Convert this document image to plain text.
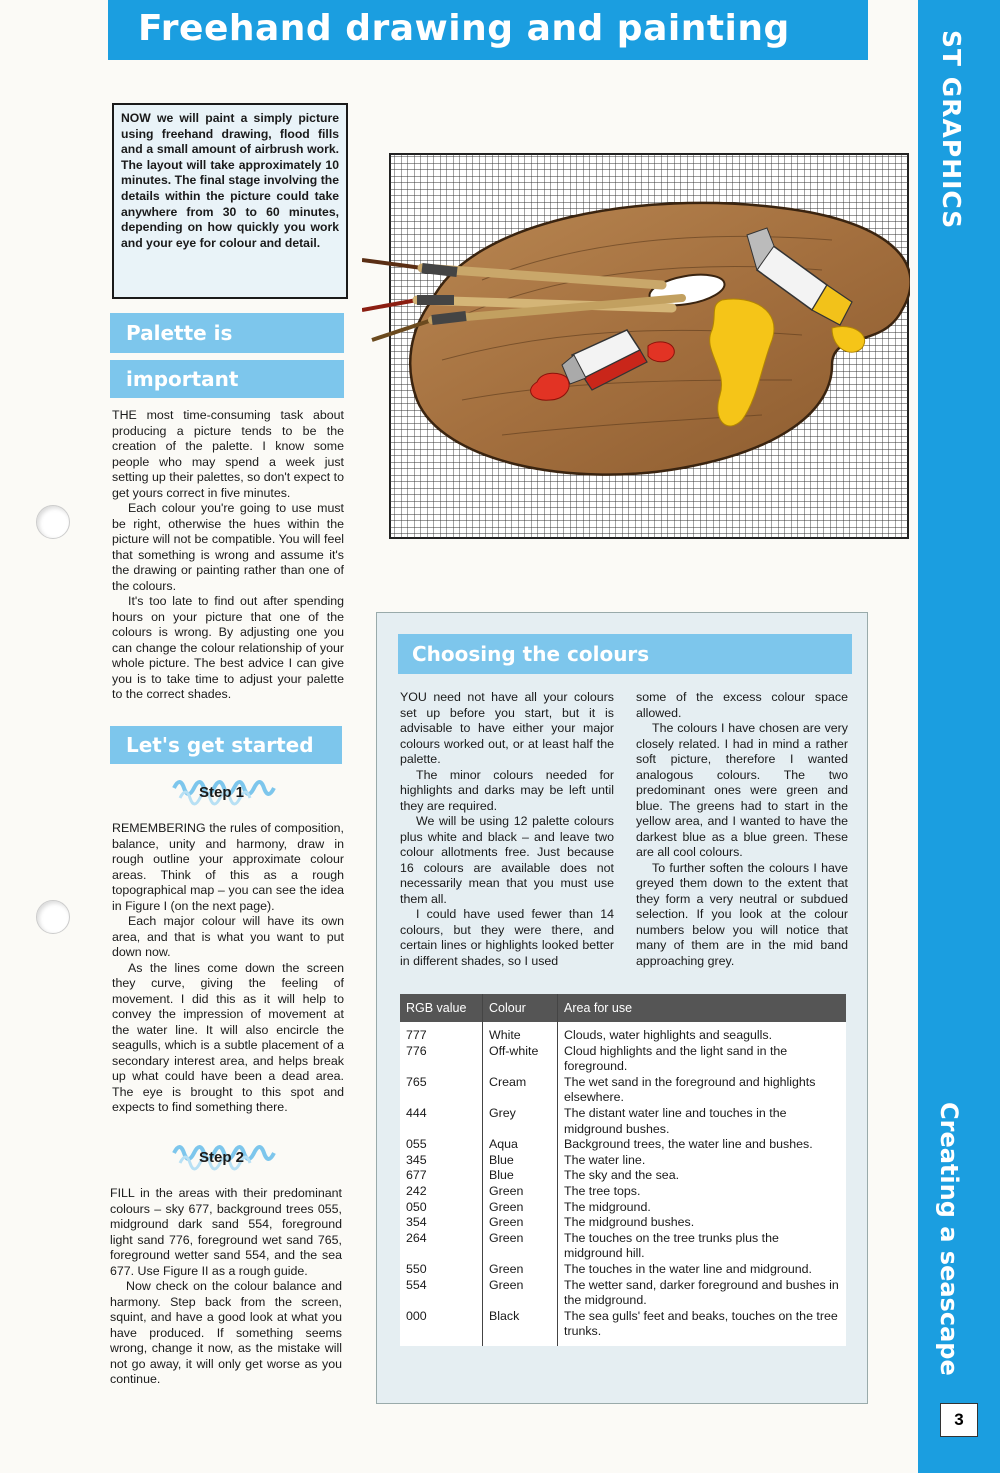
Freehand drawing and painting
ST GRAPHICS
Creating a seascape
3
NOW we will paint a simply picture using freehand drawing, flood fills and a small amount of airbrush work. The layout will take approximately 10 minutes. The final stage involving the details within the picture could take anywhere from 30 to 60 minutes, depending on how quickly you work and your eye for colour and detail.
Palette is
important

THE most time-consuming task about producing a picture tends to be the creation of the palette. I know some people who may spend a week just setting up their palettes, so don't expect to get yours correct in five minutes.

Each colour you're going to use must be right, otherwise the hues within the picture will not be compatible. You will feel that something is wrong and assume it's the drawing or painting rather than one of the colours.

It's too late to find out after spending hours on your picture that one of the colours is wrong. By adjusting one you can change the colour relationship of your whole picture. The best advice I can give you is to take time to adjust your palette to the correct shades.

Let's get started
Step 1

REMEMBERING the rules of composition, balance, unity and harmony, draw in rough outline your approximate colour areas. Think of this as a rough topographical map – you can see the idea in Figure I (on the next page).

Each major colour will have its own area, and that is what you want to put down now.

As the lines come down the screen they curve, giving the feeling of movement. I did this as it will help to convey the impression of movement at the water line. It will also encircle the seagulls, which is a subtle placement of a secondary interest area, and helps break up what could have been a dead area. The eye is brought to this spot and expects to find something there.

Step 2

FILL in the areas with their predominant colours – sky 677, background trees 055, midground dark sand 554, foreground light sand 776, foreground wet sand 765, foreground wetter sand 554, and the sea 677. Use Figure II as a rough guide.

Now check on the colour balance and harmony. Step back from the screen, squint, and have a good look at what you have produced. If something seems wrong, change it now, as the mistake will not go away, it will only get worse as you continue.

Choosing the colours

YOU need not have all your colours set up before you start, but it is advisable to have either your major colours worked out, or at least half the palette.

The minor colours needed for highlights and darks may be left until they are required.

We will be using 12 palette colours plus white and black – and leave two colour allotments free. Just because 16 colours are available does not necessarily mean that you must use them all.

I could have used fewer than 14 colours, but they were there, and certain lines or highlights looked better in different shades, so I used

some of the excess colour space allowed.

The colours I have chosen are very closely related. I had in mind a rather soft picture, therefore I wanted analogous colours. The two predominant ones were green and blue. The greens had to start in the yellow area, and I wanted to have the darkest blue as a blue green. These are all cool colours.

To further soften the colours I have greyed them down to the extent that they form a very neutral or subdued selection. If you look at the colour numbers below you will notice that many of them are in the mid band approaching grey.

RGB value	Colour	Area for use
777	White	Clouds, water highlights and seagulls.
776	Off-white	Cloud highlights and the light sand in the foreground.
765	Cream	The wet sand in the foreground and highlights elsewhere.
444	Grey	The distant water line and touches in the midground bushes.
055	Aqua	Background trees, the water line and bushes.
345	Blue	The water line.
677	Blue	The sky and the sea.
242	Green	The tree tops.
050	Green	The midground.
354	Green	The midground bushes.
264	Green	The touches on the tree trunks plus the midground hill.
550	Green	The touches in the water line and midground.
554	Green	The wetter sand, darker foreground and bushes in the midground.
000	Black	The sea gulls' feet and beaks, touches on the tree trunks.
